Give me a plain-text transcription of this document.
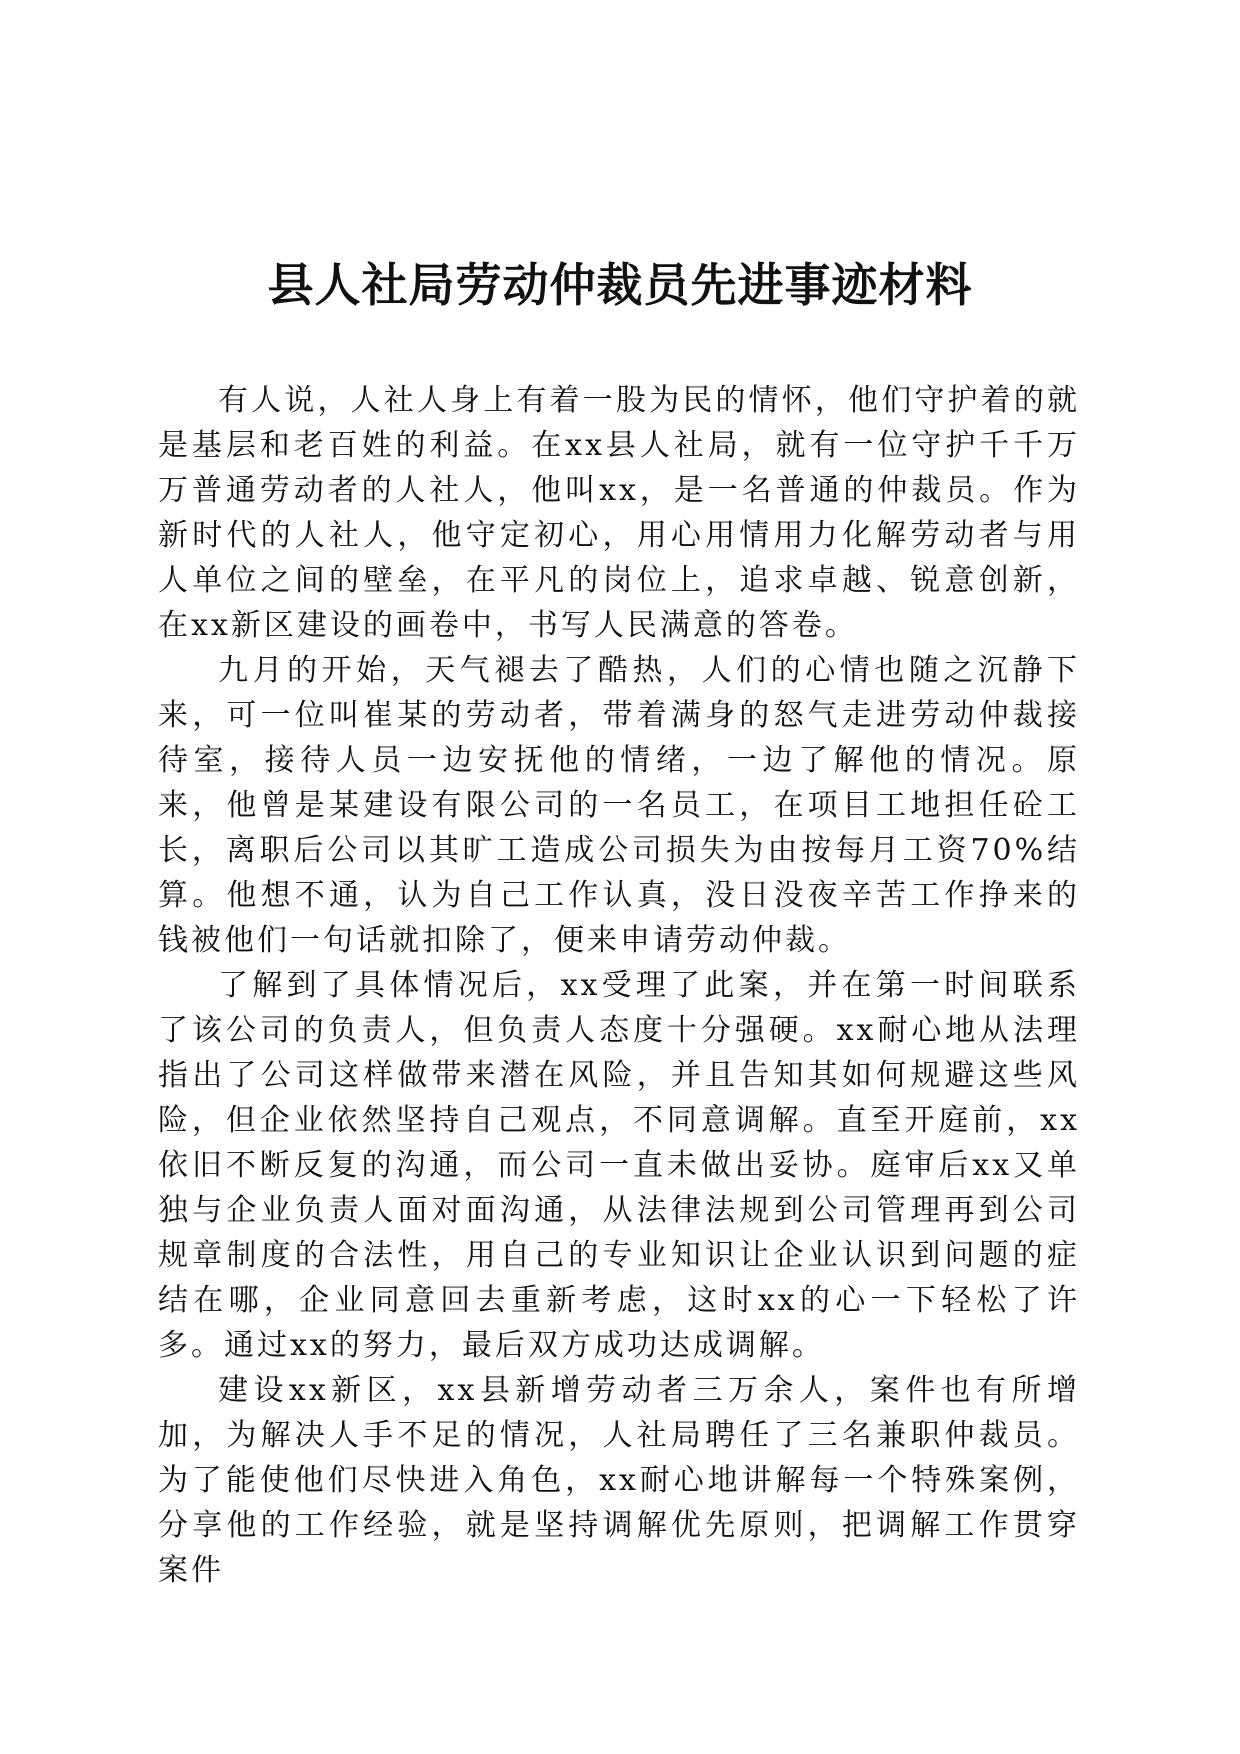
县人社局劳动仲裁员先进事迹材料

有人说，人社人身上有着一股为民的情怀，他们守护着的就是基层和老百姓的利益。在xx县人社局，就有一位守护千千万万普通劳动者的人社人，他叫xx，是一名普通的仲裁员。作为新时代的人社人，他守定初心，用心用情用力化解劳动者与用人单位之间的壁垒，在平凡的岗位上，追求卓越、锐意创新，在xx新区建设的画卷中，书写人民满意的答卷。

九月的开始，天气褪去了酷热，人们的心情也随之沉静下来，可一位叫崔某的劳动者，带着满身的怒气走进劳动仲裁接待室，接待人员一边安抚他的情绪，一边了解他的情况。原来，他曾是某建设有限公司的一名员工，在项目工地担任砼工长，离职后公司以其旷工造成公司损失为由按每月工资70%结算。他想不通，认为自己工作认真，没日没夜辛苦工作挣来的钱被他们一句话就扣除了，便来申请劳动仲裁。

了解到了具体情况后，xx受理了此案，并在第一时间联系了该公司的负责人，但负责人态度十分强硬。xx耐心地从法理指出了公司这样做带来潜在风险，并且告知其如何规避这些风险，但企业依然坚持自己观点，不同意调解。直至开庭前，xx依旧不断反复的沟通，而公司一直未做出妥协。庭审后xx又单独与企业负责人面对面沟通，从法律法规到公司管理再到公司规章制度的合法性，用自己的专业知识让企业认识到问题的症结在哪，企业同意回去重新考虑，这时xx的心一下轻松了许多。通过xx的努力，最后双方成功达成调解。

建设xx新区，xx县新增劳动者三万余人，案件也有所增加，为解决人手不足的情况，人社局聘任了三名兼职仲裁员。为了能使他们尽快进入角色，xx耐心地讲解每一个特殊案例，分享他的工作经验，就是坚持调解优先原则，把调解工作贯穿案件
